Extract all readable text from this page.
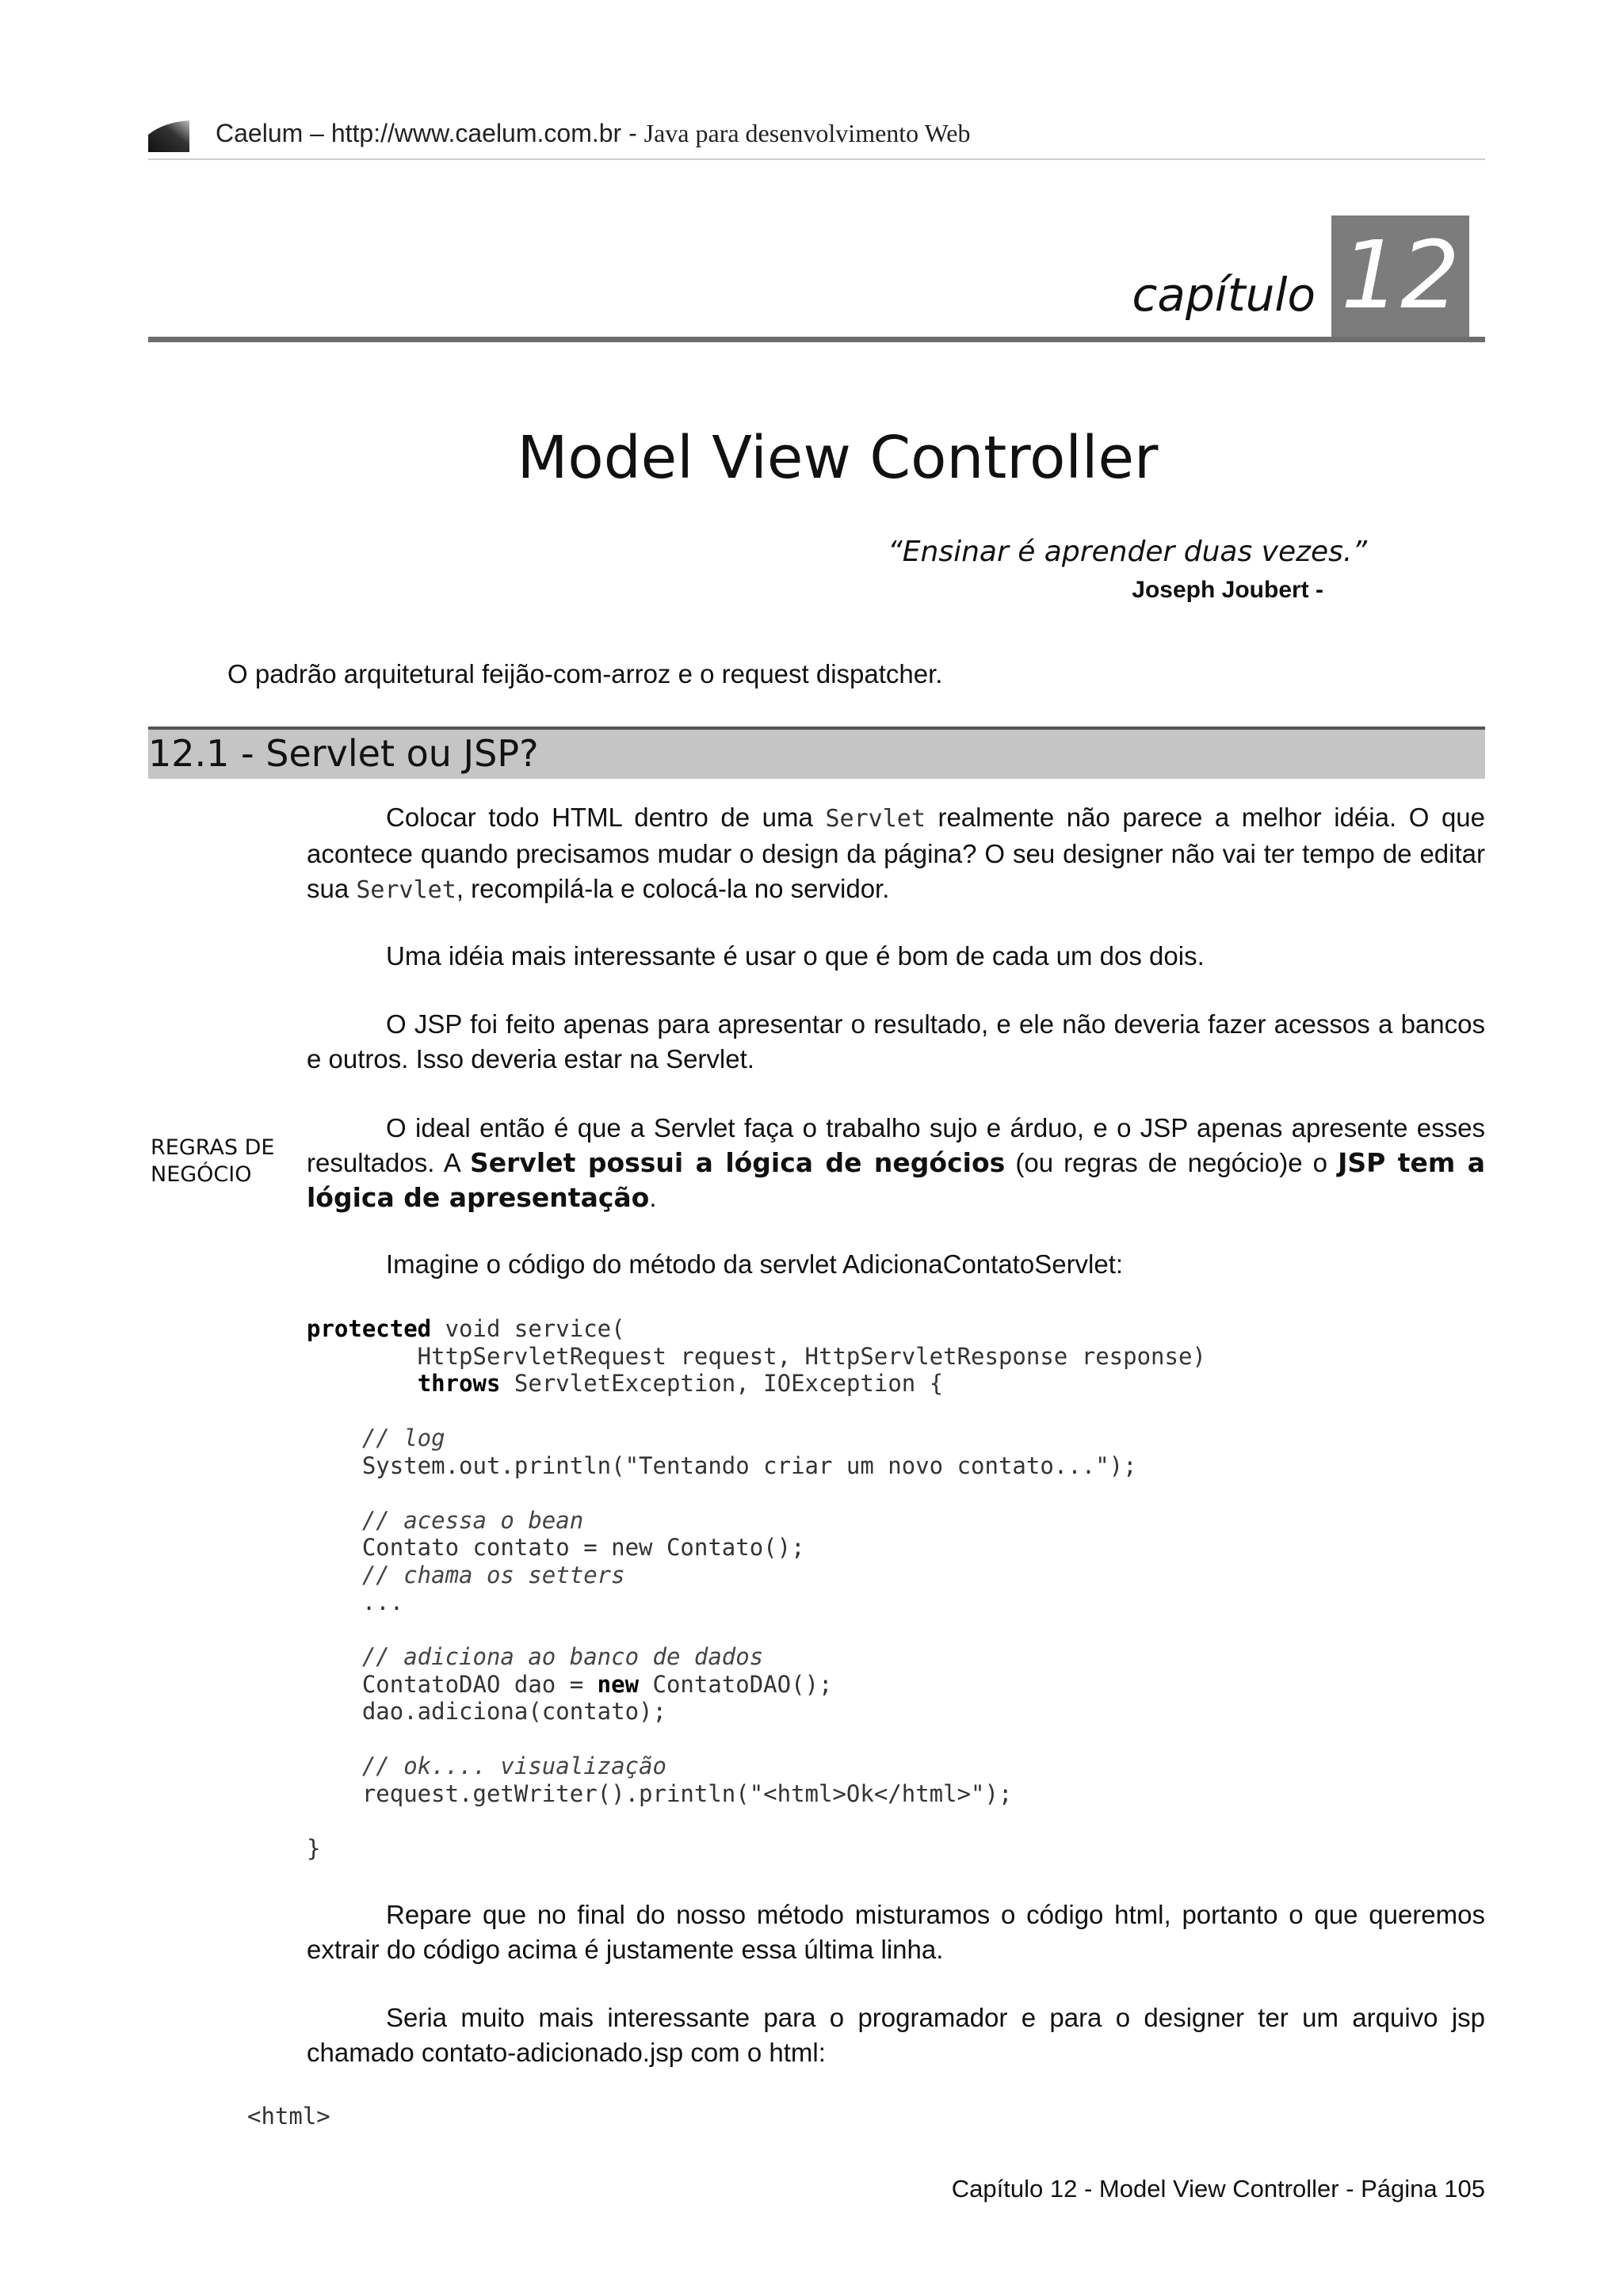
Caelum – http://www.caelum.com.br - Java para desenvolvimento Web
capítulo 12
Model View Controller
“Ensinar é aprender duas vezes.”
Joseph Joubert -
O padrão arquitetural feijão-com-arroz e o request dispatcher.
12.1 - Servlet ou JSP?
Colocar todo HTML dentro de uma Servlet realmente não parece a melhor idéia. O que acontece quando precisamos mudar o design da página? O seu designer não vai ter tempo de editar sua Servlet, recompilá-la e colocá-la no servidor.
Uma idéia mais interessante é usar o que é bom de cada um dos dois.
O JSP foi feito apenas para apresentar o resultado, e ele não deveria fazer acessos a bancos e outros. Isso deveria estar na Servlet.
REGRAS DE
NEGÓCIO
O ideal então é que a Servlet faça o trabalho sujo e árduo, e o JSP apenas apresente esses resultados. A Servlet possui a lógica de negócios (ou regras de negócio)e o JSP tem a lógica de apresentação.
Imagine o código do método da servlet AdicionaContatoServlet:
protected void service(
HttpServletRequest request, HttpServletResponse response)
throws ServletException, IOException {

// log
System.out.println("Tentando criar um novo contato...");

// acessa o bean
Contato contato = new Contato();
// chama os setters
...

// adiciona ao banco de dados
ContatoDAO dao = new ContatoDAO();
dao.adiciona(contato);

// ok.... visualização
request.getWriter().println("<html>Ok</html>");

}
Repare que no final do nosso método misturamos o código html, portanto o que queremos extrair do código acima é justamente essa última linha.
Seria muito mais interessante para o programador e para o designer ter um arquivo jsp chamado contato-adicionado.jsp com o html:
<html>
Capítulo 12 - Model View Controller - Página 105
